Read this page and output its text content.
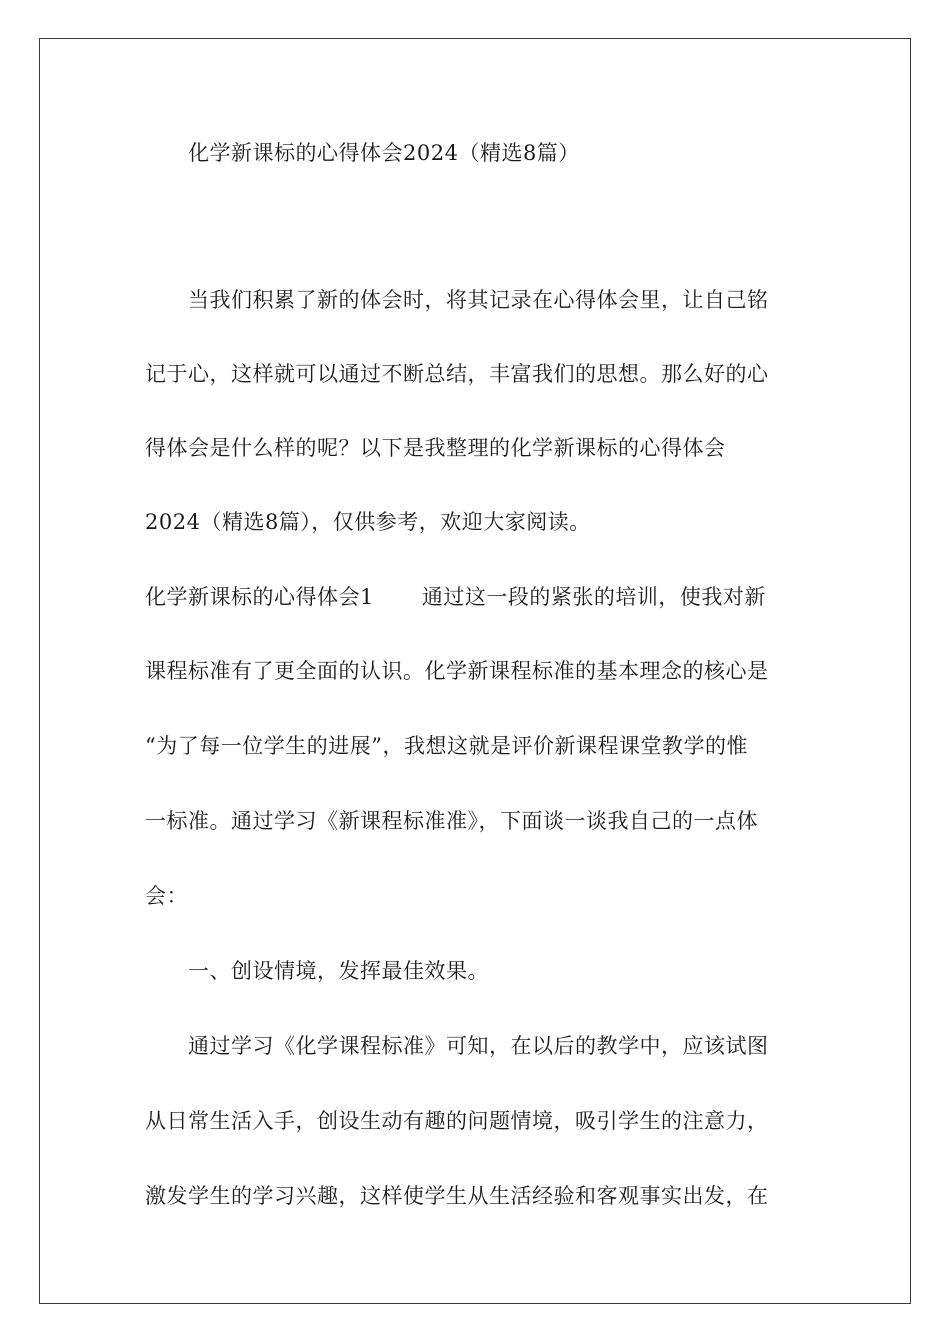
化学新课标的心得体会2024（精选8篇）
当我们积累了新的体会时，将其记录在心得体会里，让自己铭
记于心，这样就可以通过不断总结，丰富我们的思想。那么好的心
得体会是什么样的呢？以下是我整理的化学新课标的心得体会
2024（精选8篇），仅供参考，欢迎大家阅读。
化学新课标的心得体会1 通过这一段的紧张的培训，使我对新
课程标准有了更全面的认识。化学新课程标准的基本理念的核心是
“为了每一位学生的进展”，我想这就是评价新课程课堂教学的惟
一标准。通过学习《新课程标准准》，下面谈一谈我自己的一点体
会：
一、创设情境，发挥最佳效果。
通过学习《化学课程标准》可知，在以后的教学中，应该试图
从日常生活入手，创设生动有趣的问题情境，吸引学生的注意力，
激发学生的学习兴趣，这样使学生从生活经验和客观事实出发，在
